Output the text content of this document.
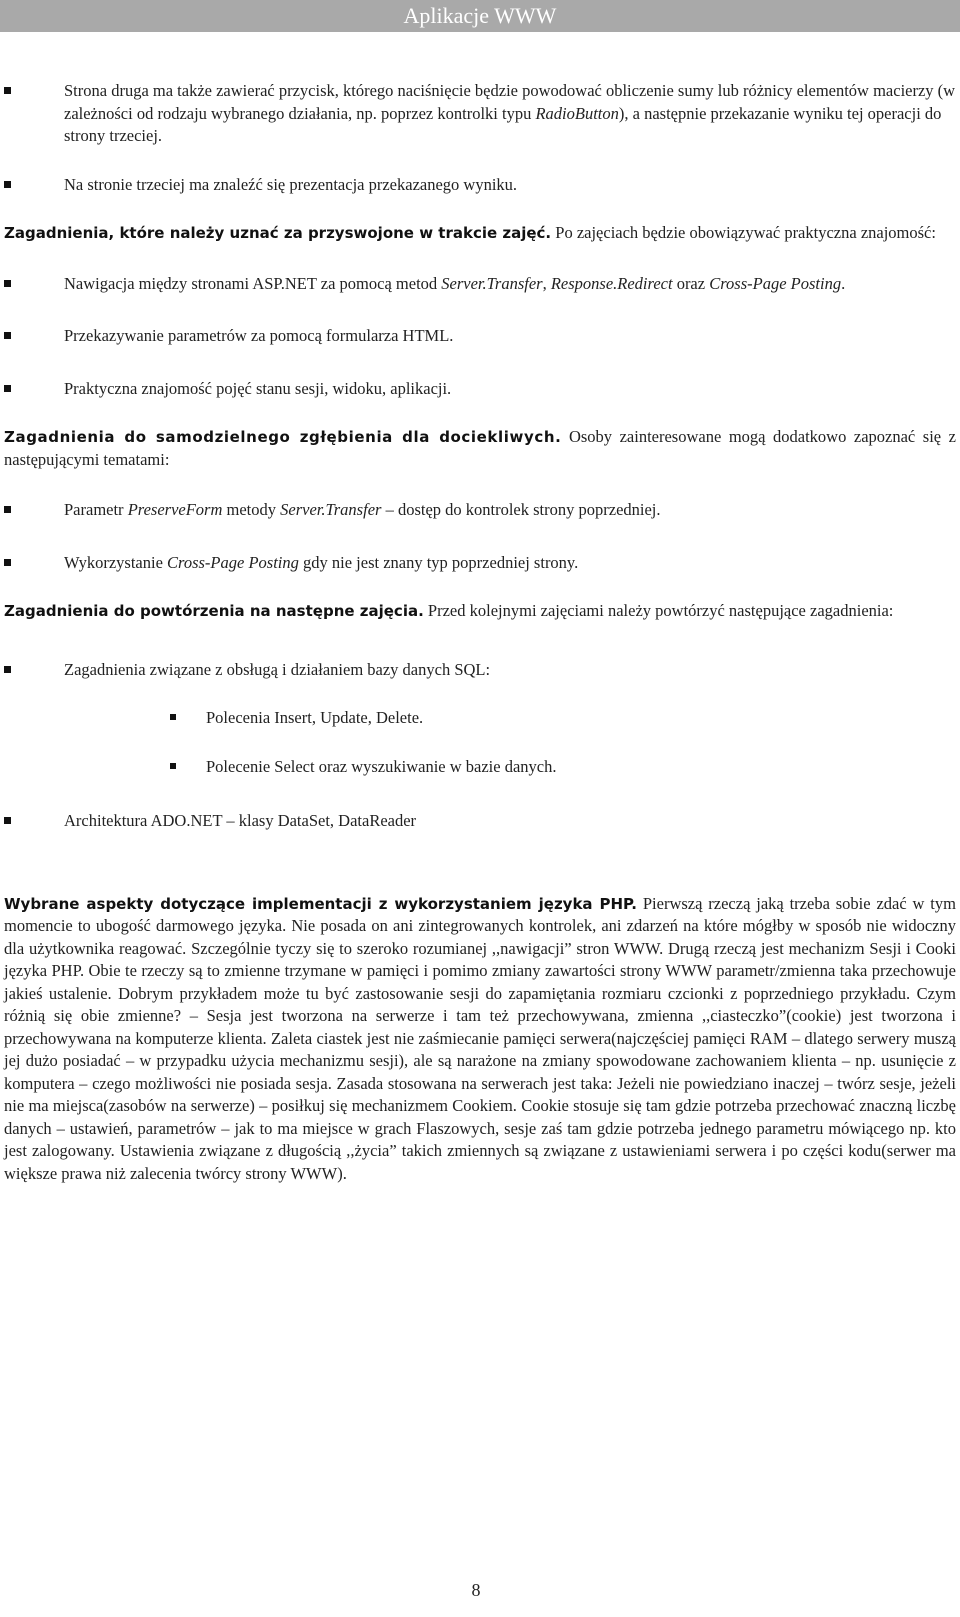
Aplikacje WWW
Strona druga ma także zawierać przycisk, którego naciśnięcie będzie powodować obliczenie sumy lub różnicy elementów macierzy (w zależności od rodzaju wybranego działania, np. poprzez kontrolki typu RadioButton), a następnie przekazanie wyniku tej operacji do strony trzeciej.
Na stronie trzeciej ma znaleźć się prezentacja przekazanego wyniku.
Zagadnienia, które należy uznać za przyswojone w trakcie zajęć. Po zajęciach będzie obowiązywać praktyczna znajomość:
Nawigacja między stronami ASP.NET za pomocą metod Server.Transfer, Response.Redirect oraz Cross-Page Posting.
Przekazywanie parametrów za pomocą formularza HTML.
Praktyczna znajomość pojęć stanu sesji, widoku, aplikacji.
Zagadnienia do samodzielnego zgłębienia dla dociekliwych. Osoby zainteresowane mogą dodatkowo zapoznać się z następującymi tematami:
Parametr PreserveForm metody Server.Transfer – dostęp do kontrolek strony poprzedniej.
Wykorzystanie Cross-Page Posting gdy nie jest znany typ poprzedniej strony.
Zagadnienia do powtórzenia na następne zajęcia. Przed kolejnymi zajęciami należy powtórzyć następujące zagadnienia:
Zagadnienia związane z obsługą i działaniem bazy danych SQL:
Polecenia Insert, Update, Delete.
Polecenie Select oraz wyszukiwanie w bazie danych.
Architektura ADO.NET – klasy DataSet, DataReader
Wybrane aspekty dotyczące implementacji z wykorzystaniem języka PHP. Pierwszą rzeczą jaką trzeba sobie zdać w tym momencie to ubogość darmowego języka. Nie posada on ani zintegrowanych kontrolek, ani zdarzeń na które mógłby w sposób nie widoczny dla użytkownika reagować. Szczególnie tyczy się to szeroko rozumianej ,,nawigacji” stron WWW. Drugą rzeczą jest mechanizm Sesji i Cooki języka PHP. Obie te rzeczy są to zmienne trzymane w pamięci i pomimo zmiany zawartości strony WWW parametr/zmienna taka przechowuje jakieś ustalenie. Dobrym przykładem może tu być zastosowanie sesji do zapamiętania rozmiaru czcionki z poprzedniego przykładu. Czym różnią się obie zmienne? – Sesja jest tworzona na serwerze i tam też przechowywana, zmienna ,,ciasteczko”(cookie) jest tworzona i przechowywana na komputerze klienta. Zaleta ciastek jest nie zaśmiecanie pamięci serwera(najczęściej pamięci RAM – dlatego serwery muszą jej dużo posiadać – w przypadku użycia mechanizmu sesji), ale są narażone na zmiany spowodowane zachowaniem klienta – np. usunięcie z komputera – czego możliwości nie posiada sesja. Zasada stosowana na serwerach jest taka: Jeżeli nie powiedziano inaczej – twórz sesje, jeżeli nie ma miejsca(zasobów na serwerze) – posiłkuj się mechanizmem Cookiem. Cookie stosuje się tam gdzie potrzeba przechować znaczną liczbę danych – ustawień, parametrów – jak to ma miejsce w grach Flaszowych, sesje zaś tam gdzie potrzeba jednego parametru mówiącego np. kto jest zalogowany. Ustawienia związane z długością ,,życia” takich zmiennych są związane z ustawieniami serwera i po części kodu(serwer ma większe prawa niż zalecenia twórcy strony WWW).
8
